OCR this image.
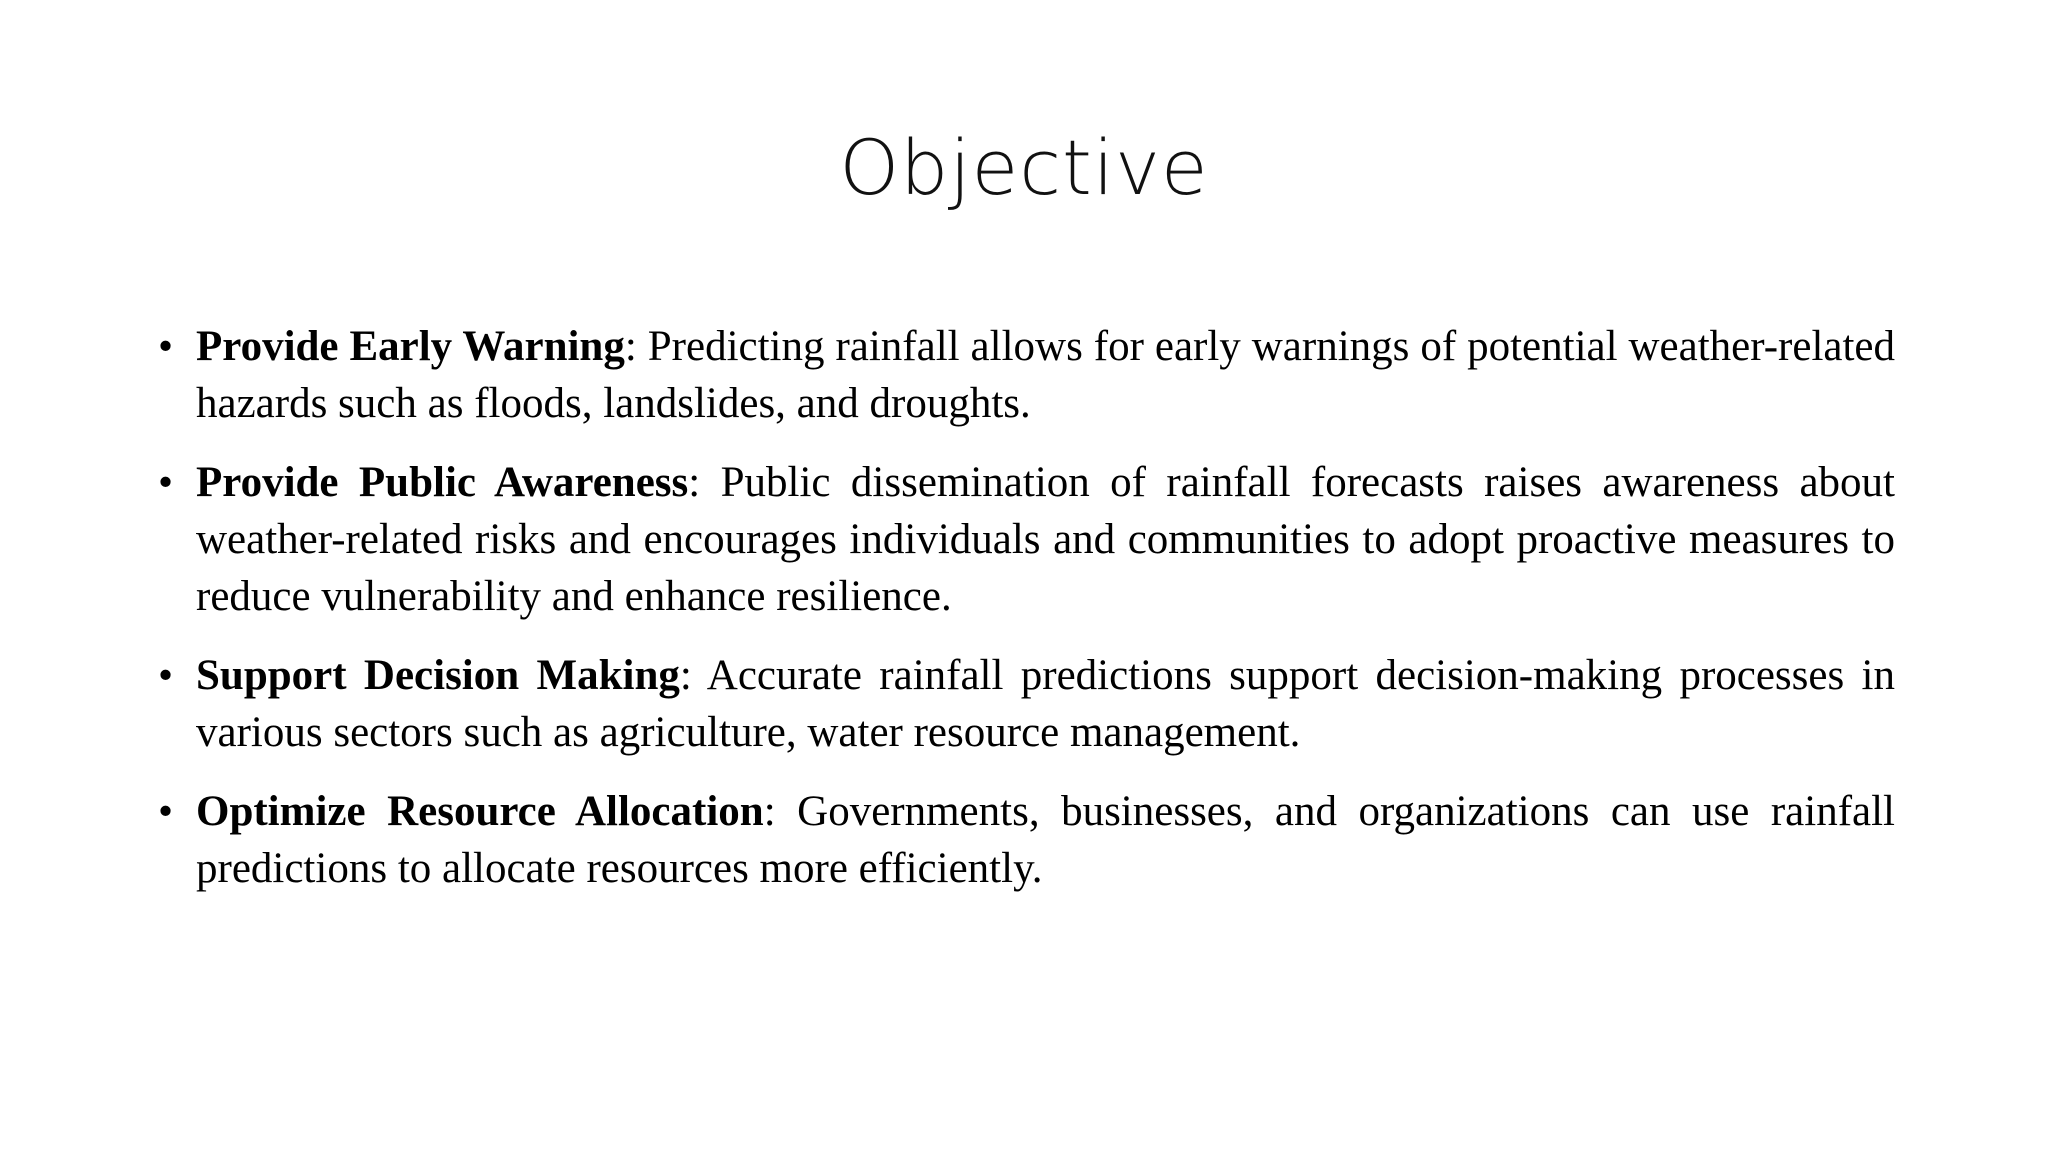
Objective
• Provide Early Warning: Predicting rainfall allows for early warnings of potential weather-related hazards such as floods, landslides, and droughts.
• Provide Public Awareness: Public dissemination of rainfall forecasts raises awareness about weather-related risks and encourages individuals and communities to adopt proactive measures to reduce vulnerability and enhance resilience.
• Support Decision Making: Accurate rainfall predictions support decision-making processes in various sectors such as agriculture, water resource management.
• Optimize Resource Allocation: Governments, businesses, and organizations can use rainfall predictions to allocate resources more efficiently.
